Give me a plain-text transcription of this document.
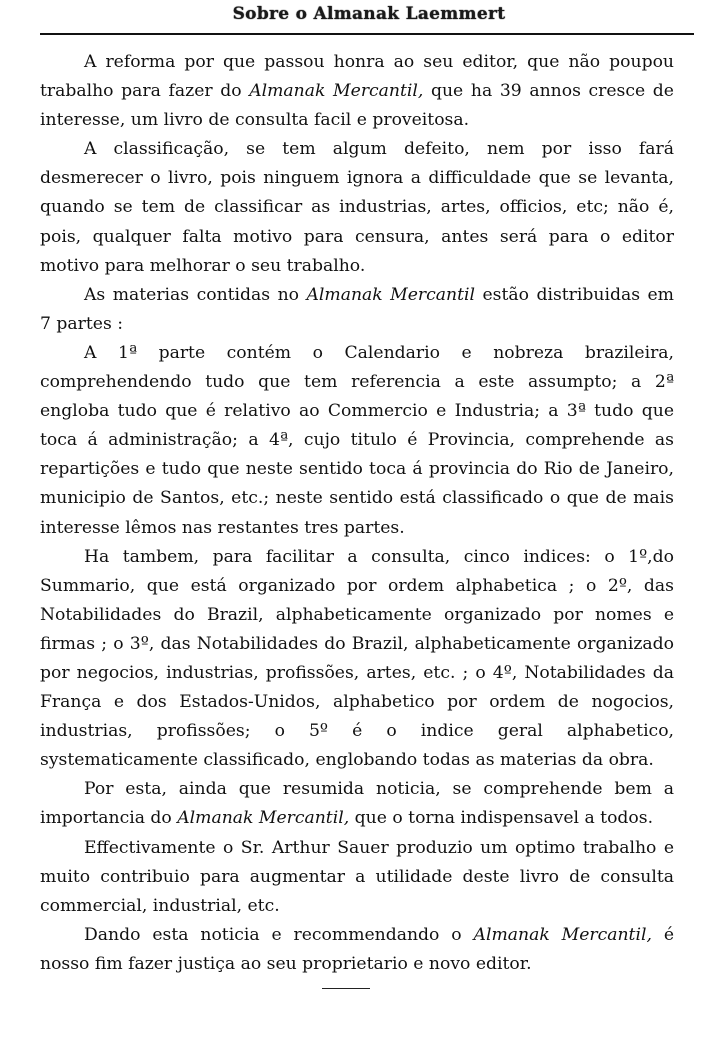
Sobre o Almanak Laemmert

A reforma por que passou honra ao seu editor, que não poupou trabalho para fazer do Almanak Mercantil, que ha 39 annos cresce de interesse, um livro de consulta facil e proveitosa.

A classificação, se tem algum defeito, nem por isso fará desmerecer o livro, pois ninguem ignora a difficuldade que se levanta, quando se tem de classificar as industrias, artes, officios, etc; não é, pois, qualquer falta motivo para censura, antes será para o editor motivo para melhorar o seu trabalho.

As materias contidas no Almanak Mercantil estão distribuidas em 7 partes :

A 1ª parte contém o Calendario e nobreza brazileira, comprehendendo tudo que tem referencia a este assumpto; a 2ª engloba tudo que é relativo ao Commercio e Industria; a 3ª tudo que toca á administração; a 4ª, cujo titulo é Provincia, comprehende as repartições e tudo que neste sentido toca á provincia do Rio de Janeiro, municipio de Santos, etc.; neste sentido está classificado o que de mais interesse lêmos nas restantes tres partes.

Ha tambem, para facilitar a consulta, cinco indices: o 1º,do Summario, que está organizado por ordem alphabetica ; o 2º, das Notabilidades do Brazil, alphabeticamente organizado por nomes e firmas ; o 3º, das Notabilidades do Brazil, alphabeticamente organizado por negocios, industrias, profissões, artes, etc. ; o 4º, Notabilidades da França e dos Estados-Unidos, alphabetico por ordem de nogocios, industrias, profissões; o 5º é o indice geral alphabetico, systematicamente classificado, englobando todas as materias da obra.

Por esta, ainda que resumida noticia, se comprehende bem a importancia do Almanak Mercantil, que o torna indispensavel a todos.

Effectivamente o Sr. Arthur Sauer produzio um optimo trabalho e muito contribuio para augmentar a utilidade deste livro de consulta commercial, industrial, etc.

Dando esta noticia e recommendando o Almanak Mercantil, é nosso fim fazer justiça ao seu proprietario e novo editor.
